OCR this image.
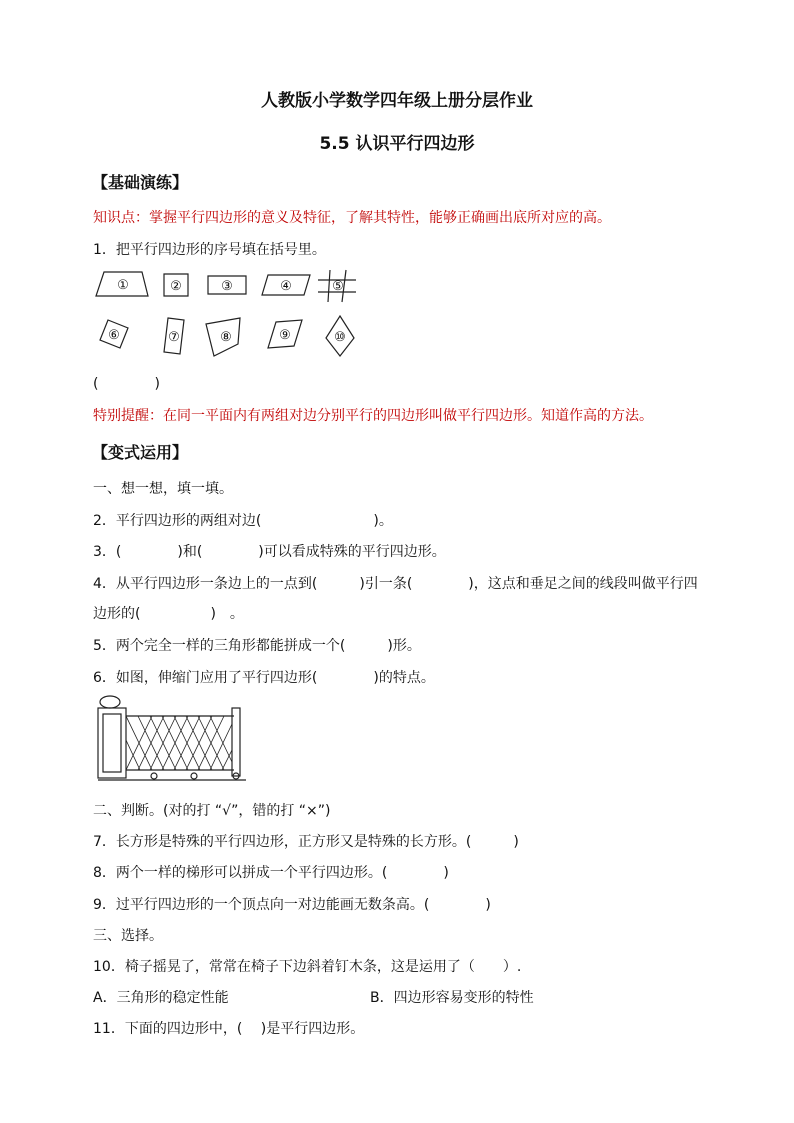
人教版小学数学四年级上册分层作业
5.5 认识平行四边形
【基础演练】
知识点：掌握平行四边形的意义及特征，了解其特性，能够正确画出底所对应的高。
1．把平行四边形的序号填在括号里。
①	②	③	④	⑤
⑥	⑦	⑧	⑨	⑩
(　　　　)
特别提醒：在同一平面内有两组对边分别平行的四边形叫做平行四边形。知道作高的方法。
【变式运用】
一、想一想，填一填。
2．平行四边形的两组对边(　　　　　　　　)。
3．(　　　　)和(　　　　)可以看成特殊的平行四边形。
4．从平行四边形一条边上的一点到(　　　)引一条(　　　　)，这点和垂足之间的线段叫做平行四
边形的(　　　　　)　。
5．两个完全一样的三角形都能拼成一个(　　　)形。
6．如图，伸缩门应用了平行四边形(　　　　)的特点。
二、判断。(对的打 “√”，错的打 “×”)
7．长方形是特殊的平行四边形，正方形又是特殊的长方形。(　　　)
8．两个一样的梯形可以拼成一个平行四边形。(　　　　)
9．过平行四边形的一个顶点向一对边能画无数条高。(　　　　)
三、选择。
10．椅子摇晃了，常常在椅子下边斜着钉木条，这是运用了（　　）.
A．三角形的稳定性能	B．四边形容易变形的特性
11．下面的四边形中，(　 )是平行四边形。
